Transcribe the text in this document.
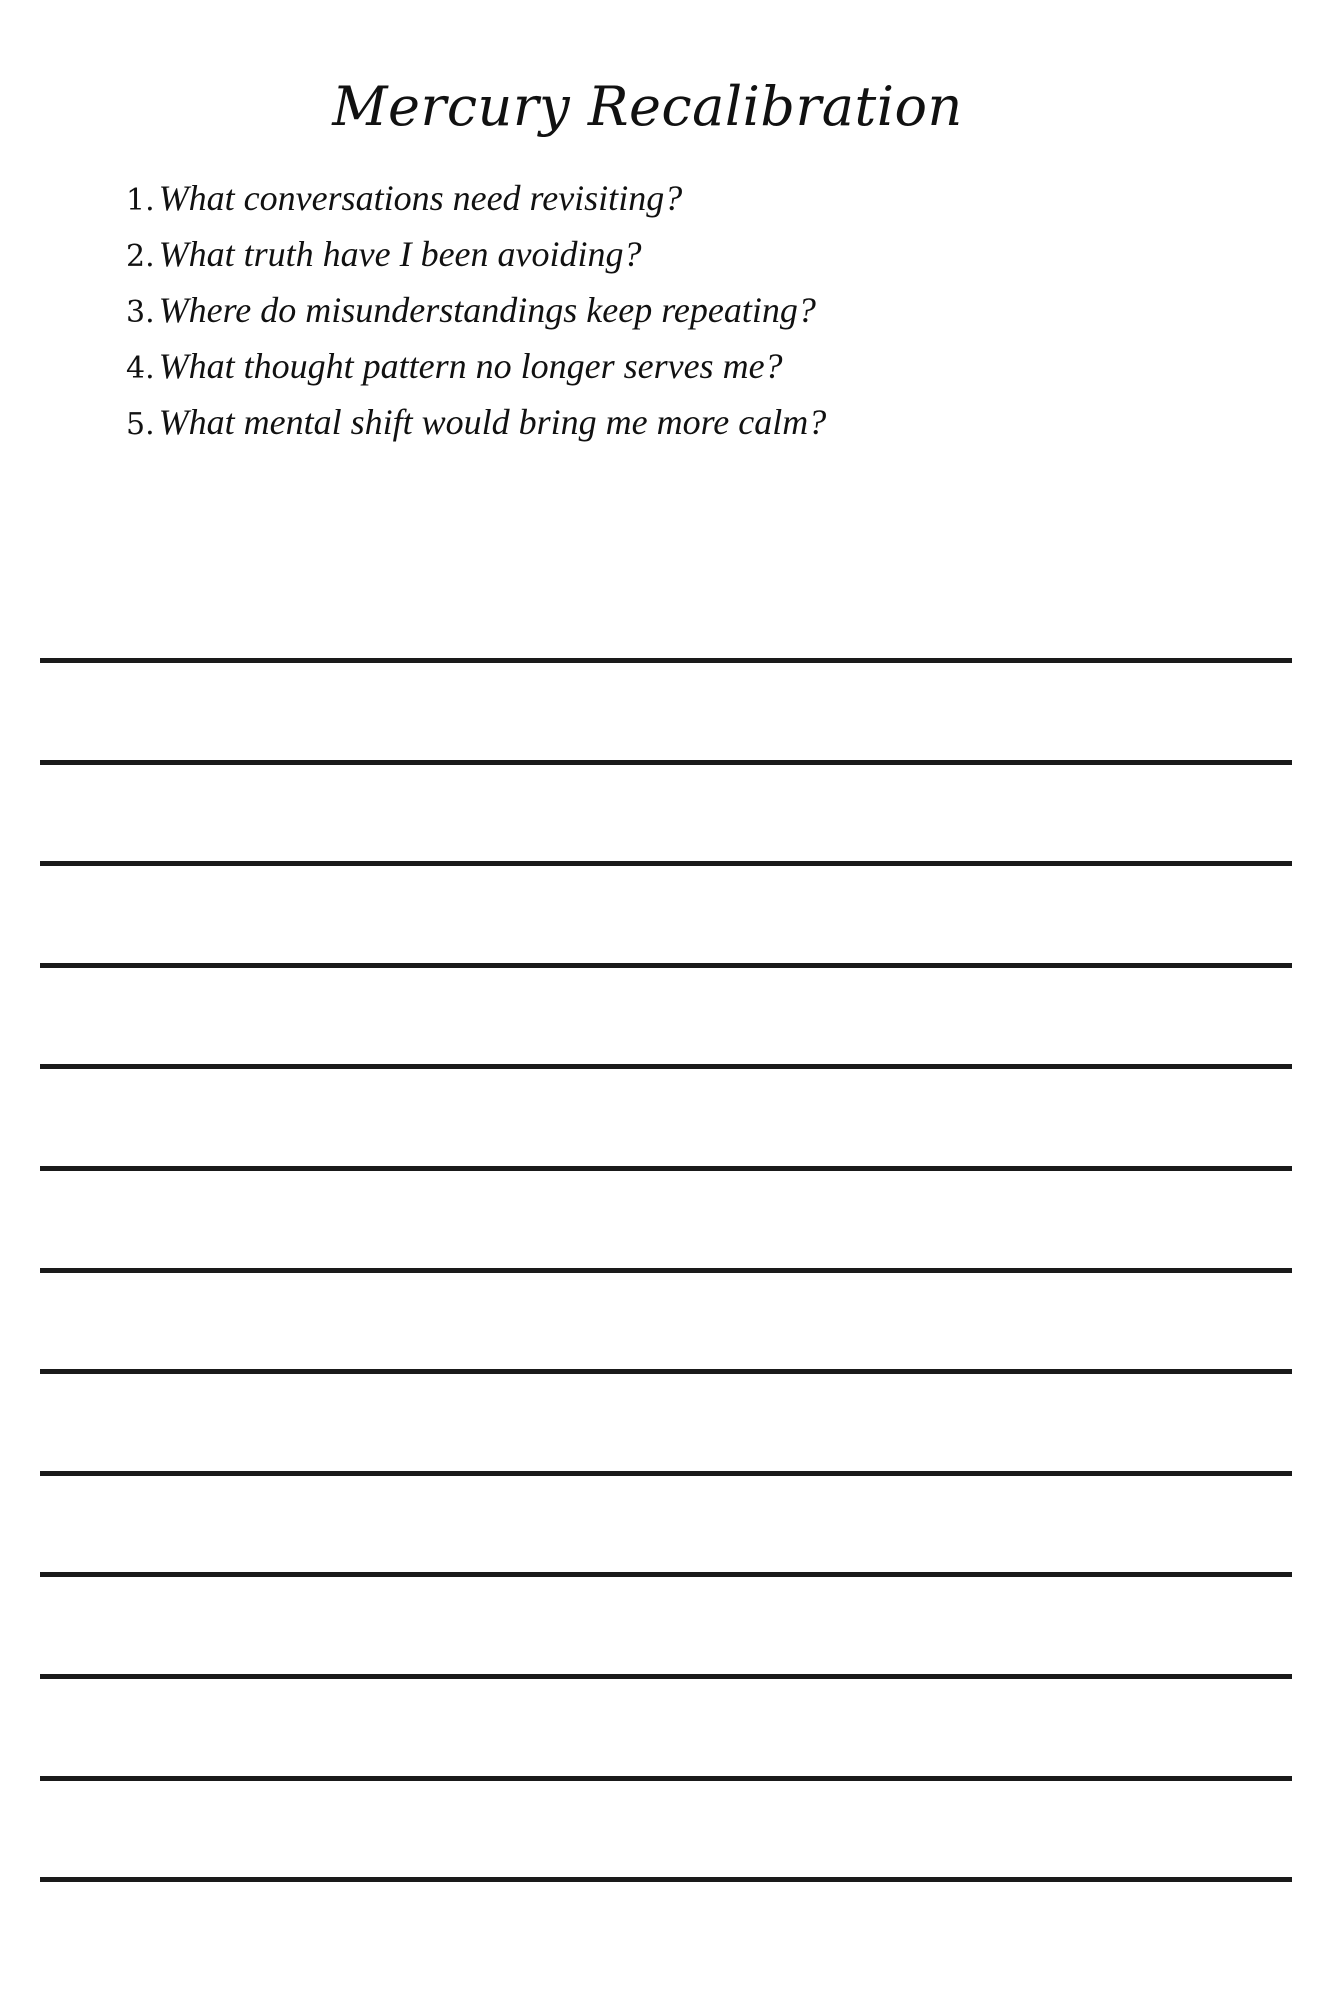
Mercury Recalibration
1. What conversations need revisiting?
2. What truth have I been avoiding?
3. Where do misunderstandings keep repeating?
4. What thought pattern no longer serves me?
5. What mental shift would bring me more calm?
